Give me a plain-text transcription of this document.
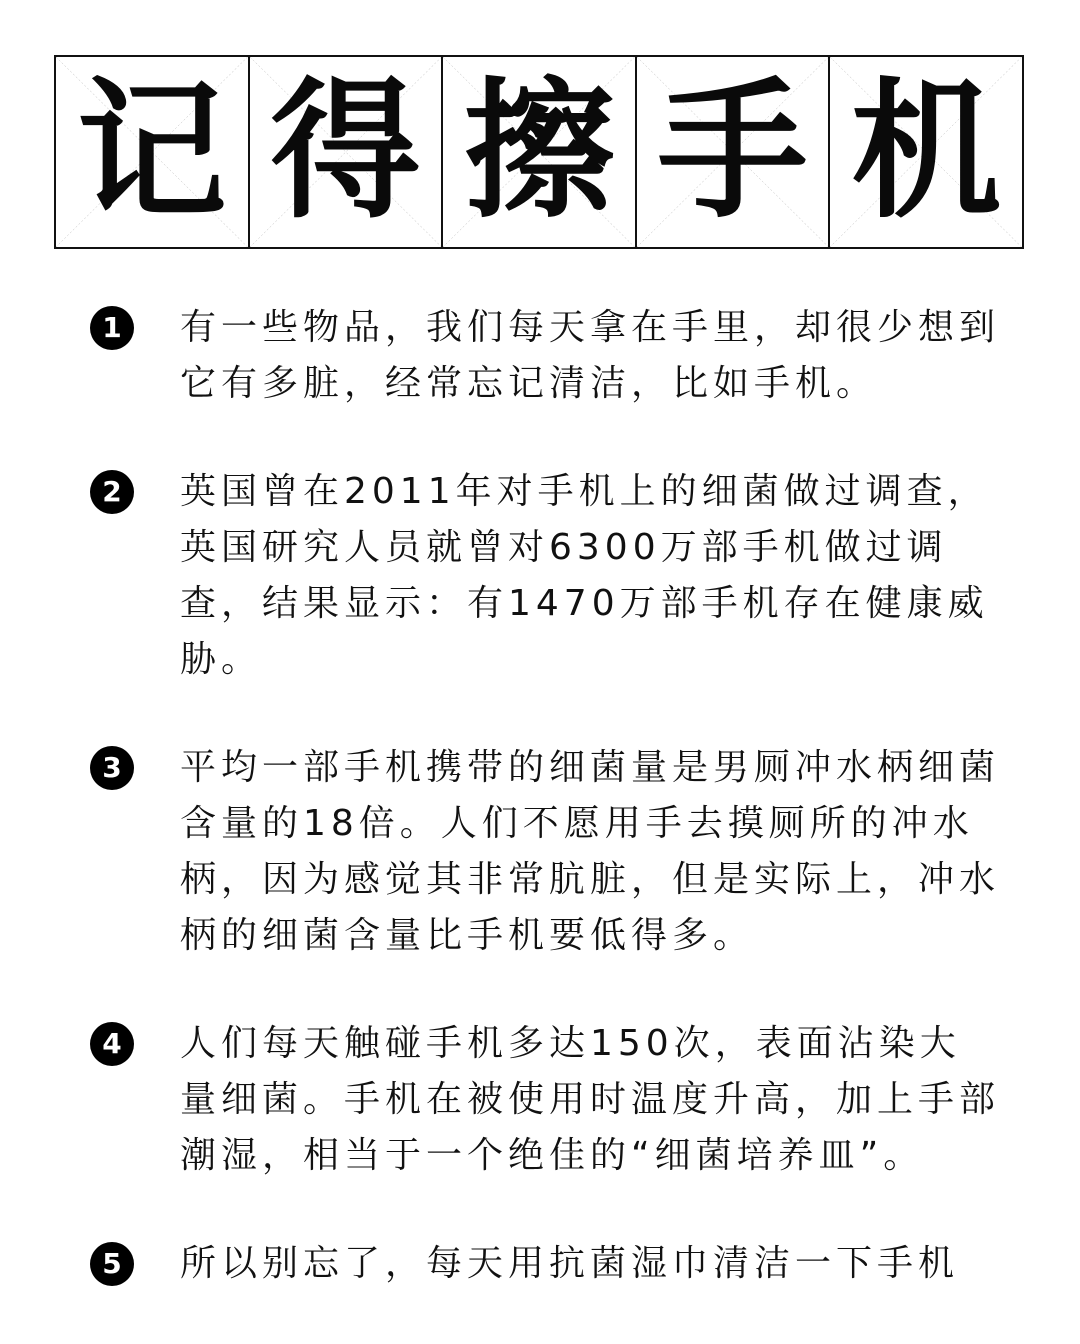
记 得 擦 手 机
1	有一些物品，我们每天拿在手里，却很少想到它有多脏，经常忘记清洁，比如手机。
2	英国曾在2011年对手机上的细菌做过调查，英国研究人员就曾对6300万部手机做过调查，结果显示：有1470万部手机存在健康威胁。
3	平均一部手机携带的细菌量是男厕冲水柄细菌含量的18倍。人们不愿用手去摸厕所的冲水柄，因为感觉其非常肮脏，但是实际上，冲水柄的细菌含量比手机要低得多。
4	人们每天触碰手机多达150次，表面沾染大量细菌。手机在被使用时温度升高，加上手部潮湿，相当于一个绝佳的“细菌培养皿”。
5	所以别忘了，每天用抗菌湿巾清洁一下手机
